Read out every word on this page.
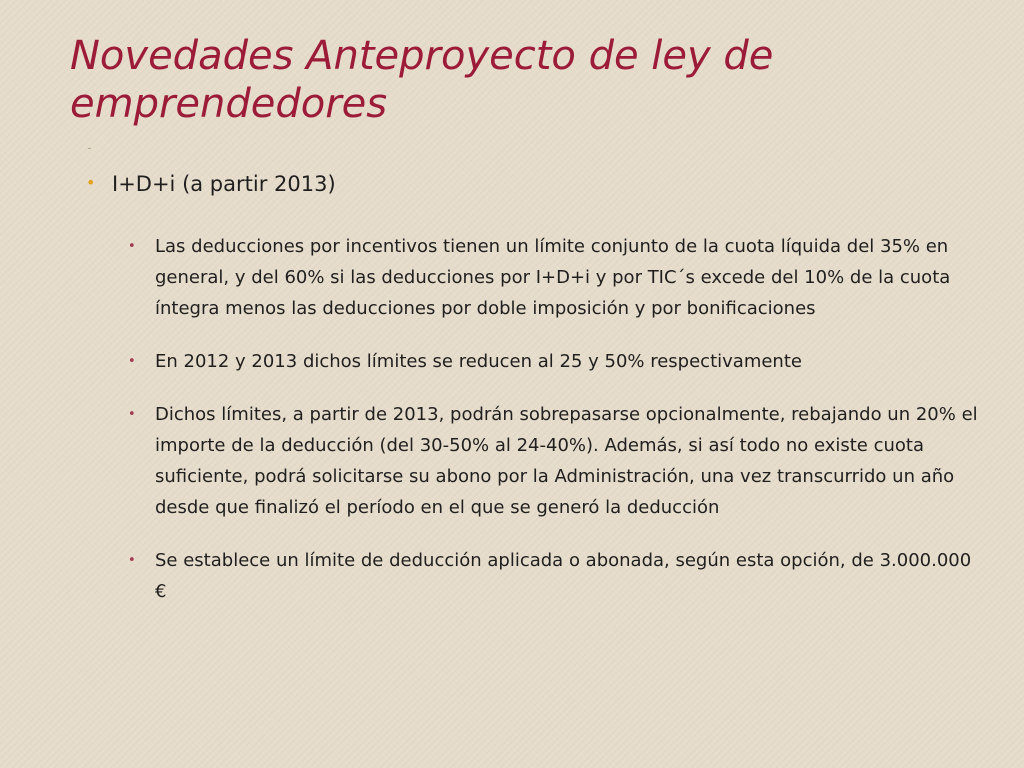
Novedades Anteproyecto de ley de emprendedores
• I+D+i (a partir 2013)
•	Las deducciones por incentivos tienen un límite conjunto de la cuota líquida del 35% en general, y del 60% si las deducciones por I+D+i y por TIC´s excede del 10% de la cuota íntegra menos las deducciones por doble imposición y por bonificaciones
•	En 2012 y 2013 dichos límites se reducen al 25 y 50% respectivamente
•	Dichos límites, a partir de 2013, podrán sobrepasarse opcionalmente, rebajando un 20% el importe de la deducción (del 30-50% al 24-40%). Además, si así todo no existe cuota suficiente, podrá solicitarse su abono por la Administración, una vez transcurrido un año desde que finalizó el período en el que se generó la deducción
•	Se establece un límite de deducción aplicada o abonada, según esta opción, de 3.000.000 €
